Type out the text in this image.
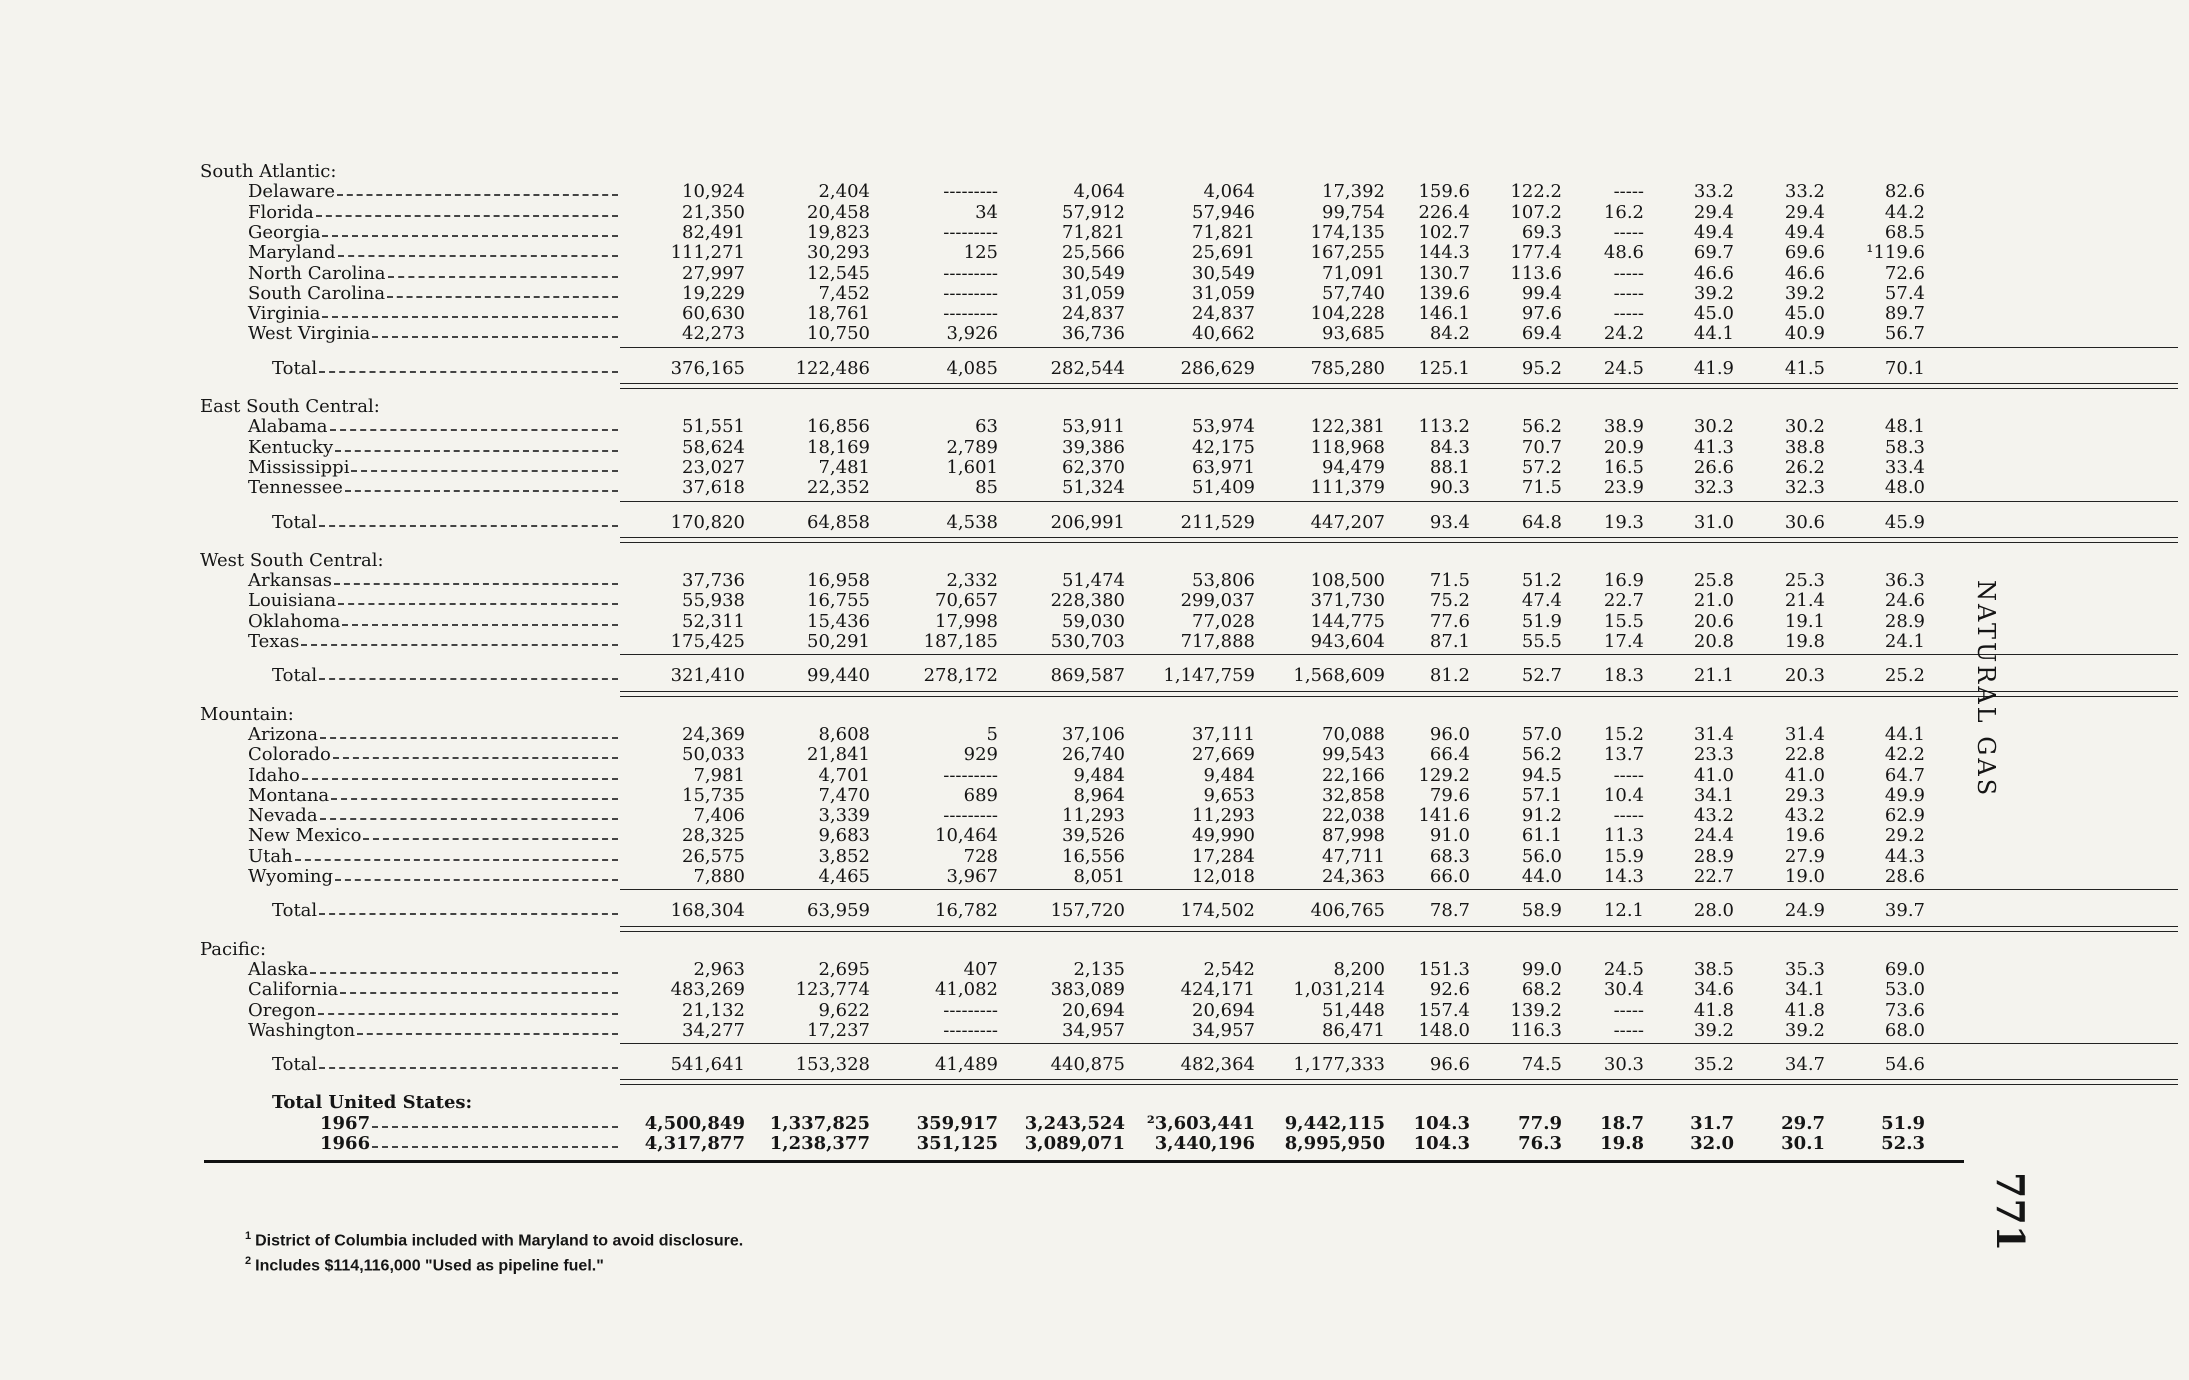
South Atlantic:
Delaware	10,924	2,404	---------	4,064	4,064	17,392 159.6 122.2	-----	33.2	33.2	82.6
Florida	21,350	20,458	34	57,912	57,946	99,754 226.4 107.2 16.2	29.4	29.4	44.2
Georgia	82,491	19,823	---------	71,821	71,821	174,135 102.7	69.3	-----	49.4	49.4	68.5
Maryland	111,271	30,293	125	25,566	25,691	167,255 144.3 177.4 48.6	69.7	69.6 ¹119.6
North Carolina	27,997	12,545	---------	30,549	30,549	71,091 130.7 113.6	-----	46.6	46.6	72.6
South Carolina	19,229	7,452	---------	31,059	31,059	57,740 139.6	99.4	-----	39.2	39.2	57.4
Virginia	60,630	18,761	---------	24,837	24,837	104,228 146.1	97.6	-----	45.0	45.0	89.7
West Virginia	42,273	10,750	3,926	36,736	40,662	93,685 84.2	69.4 24.2	44.1	40.9	56.7
Total	376,165	122,486	4,085	282,544	286,629	785,280 125.1	95.2 24.5	41.9	41.5	70.1
East South Central:
Alabama	51,551	16,856	63	53,911	53,974	122,381 113.2	56.2 38.9	30.2	30.2	48.1
Kentucky	58,624	18,169	2,789	39,386	42,175	118,968 84.3	70.7 20.9	41.3	38.8	58.3
Mississippi	23,027	7,481	1,601	62,370	63,971	94,479 88.1	57.2 16.5	26.6	26.2	33.4
Tennessee	37,618	22,352	85	51,324	51,409	111,379 90.3	71.5 23.9	32.3	32.3	48.0
Total	170,820	64,858	4,538	206,991	211,529	447,207 93.4	64.8 19.3	31.0	30.6	45.9
West South Central:
Arkansas	37,736	16,958	2,332	51,474	53,806	108,500 71.5	51.2 16.9	25.8	25.3	36.3
Louisiana	55,938	16,755	70,657	228,380	299,037	371,730 75.2	47.4 22.7	21.0	21.4	24.6
Oklahoma	52,311	15,436	17,998	59,030	77,028	144,775 77.6	51.9 15.5	20.6	19.1	28.9
Texas	175,425	50,291	187,185	530,703	717,888	943,604 87.1	55.5 17.4	20.8	19.8	24.1
Total	321,410	99,440	278,172	869,587 1,147,759 1,568,609 81.2	52.7 18.3	21.1	20.3	25.2
Mountain:
Arizona	24,369	8,608	5	37,106	37,111	70,088 96.0	57.0 15.2	31.4	31.4	44.1
Colorado	50,033	21,841	929	26,740	27,669	99,543 66.4	56.2 13.7	23.3	22.8	42.2
Idaho	7,981	4,701	---------	9,484	9,484	22,166 129.2	94.5	-----	41.0	41.0	64.7
Montana	15,735	7,470	689	8,964	9,653	32,858 79.6	57.1 10.4	34.1	29.3	49.9
Nevada	7,406	3,339	---------	11,293	11,293	22,038 141.6	91.2	-----	43.2	43.2	62.9
New Mexico	28,325	9,683	10,464	39,526	49,990	87,998 91.0	61.1 11.3	24.4	19.6	29.2
Utah	26,575	3,852	728	16,556	17,284	47,711 68.3	56.0 15.9	28.9	27.9	44.3
Wyoming	7,880	4,465	3,967	8,051	12,018	24,363 66.0	44.0 14.3	22.7	19.0	28.6
Total	168,304	63,959	16,782	157,720	174,502	406,765 78.7	58.9 12.1	28.0	24.9	39.7
Pacific:
Alaska	2,963	2,695	407	2,135	2,542	8,200 151.3	99.0 24.5	38.5	35.3	69.0
California	483,269	123,774	41,082	383,089	424,171 1,031,214 92.6	68.2 30.4	34.6	34.1	53.0
Oregon	21,132	9,622	---------	20,694	20,694	51,448 157.4 139.2	-----	41.8	41.8	73.6
Washington	34,277	17,237	---------	34,957	34,957	86,471 148.0 116.3	-----	39.2	39.2	68.0
Total	541,641	153,328	41,489	440,875	482,364 1,177,333 96.6	74.5 30.3	35.2	34.7	54.6
Total United States:
1967	4,500,849 1,337,825	359,917 3,243,524 ²3,603,441 9,442,115 104.3	77.9 18.7	31.7	29.7	51.9
1966	4,317,877 1,238,377	351,125 3,089,071 3,440,196 8,995,950 104.3	76.3 19.8	32.0	30.1	52.3
$^1$ District of Columbia included with Maryland to avoid disclosure.
$^2$ Includes $114,116,000 "Used as pipeline fuel."
NATURAL GAS
771
